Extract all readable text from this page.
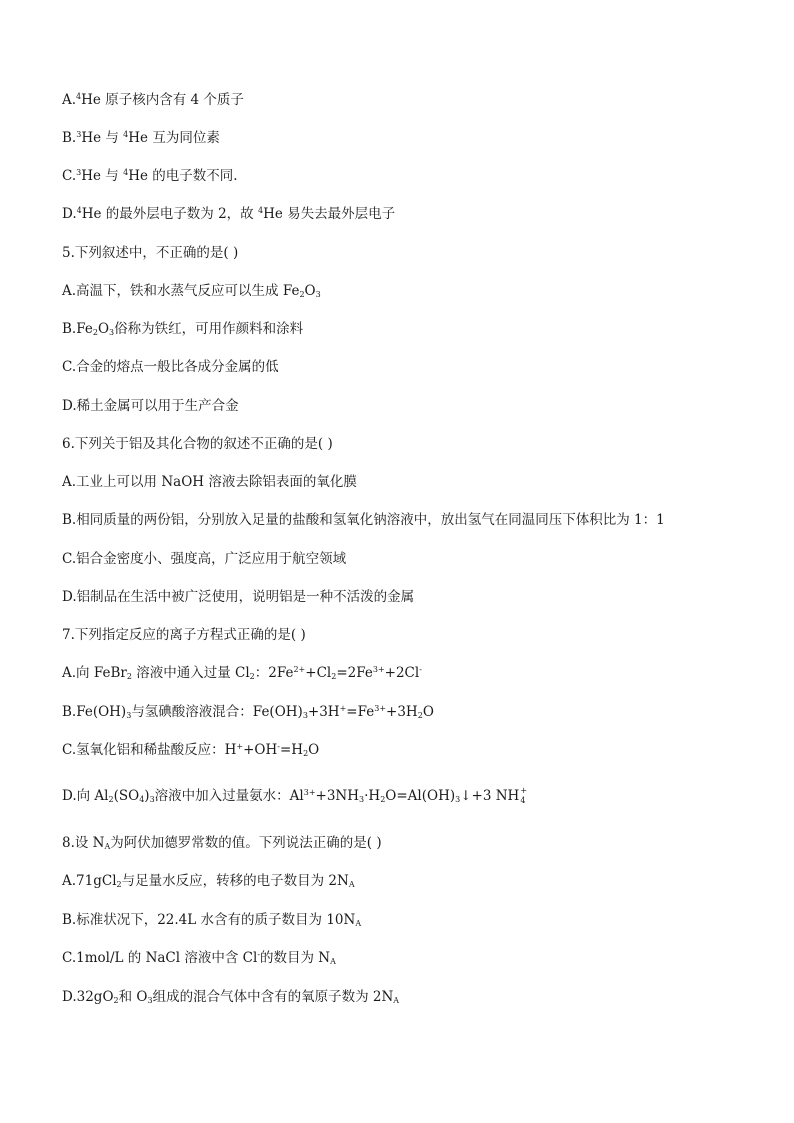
A.$^4$He 原子核内含有 4 个质子
B.$^3$He 与 $^4$He 互为同位素
C.$^3$He 与 $^4$He 的电子数不同.
D.$^4$He 的最外层电子数为 2，故 $^4$He 易失去最外层电子
5.下列叙述中，不正确的是( )
A.高温下，铁和水蒸气反应可以生成 $Fe_2O_3$
$B.Fe_2O_3$俗称为铁红，可用作颜料和涂料
C.合金的熔点一般比各成分金属的低
D.稀土金属可以用于生产合金
6.下列关于铝及其化合物的叙述不正确的是( )
A.工业上可以用 NaOH 溶液去除铝表面的氧化膜
B.相同质量的两份铝，分别放入足量的盐酸和氢氧化钠溶液中，放出氢气在同温同压下体积比为 1：1
C.铝合金密度小、强度高，广泛应用于航空领域
D.铝制品在生活中被广泛使用，说明铝是一种不活泼的金属
7.下列指定反应的离子方程式正确的是( )
A.向 FeBr$_2$ 溶液中通入过量 $Cl_2$：$2Fe^{2+}+Cl_2=2Fe^{3+}+2Cl^-$
$B.Fe(OH)_3$与氢碘酸溶液混合：$Fe(OH)_3+3H^+=Fe^{3+}+3H_2O$
C.氢氧化铝和稀盐酸反应：$H^++OH^-=H_2O$
D.向 $Al_2(SO_4)_3$溶液中加入过量氨水：$Al^{3+}+3NH_3\cdot H_2O=Al(OH)_3↓+3$ NH +
4
8.设 $N_A$为阿伏加德罗常数的值。下列说法正确的是( )
A.71gCl$_2$与足量水反应，转移的电子数目为 $2N_A$
B.标准状况下，22.4L 水含有的质子数目为 $10N_A$
C.1mol/L 的 NaCl 溶液中含 Cl-的数目为 $N_A$
$D.32gO_2$和 $O_3$组成的混合气体中含有的氧原子数为 $2N_A$
